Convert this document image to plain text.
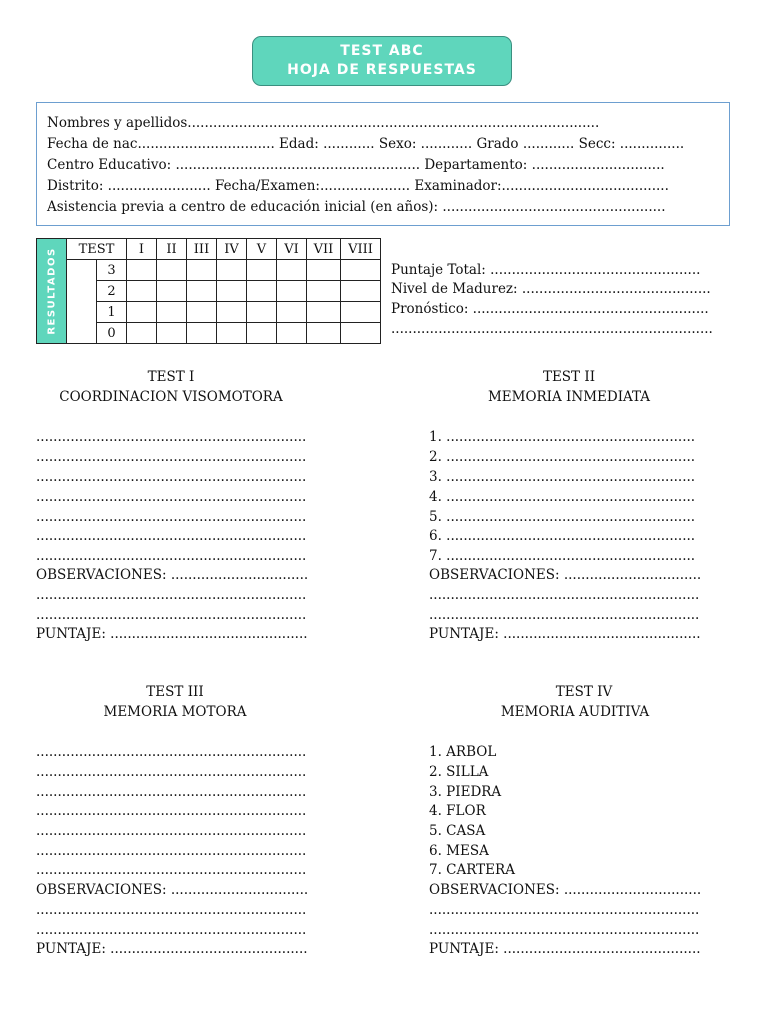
TEST ABC
HOJA DE RESPUESTAS
Nombres y apellidos................................................................................................
Fecha de nac................................ Edad: ............ Sexo: ............ Grado ............ Secc: ...............
Centro Educativo: ......................................................... Departamento: ...............................
Distrito: ........................ Fecha/Examen:..................... Examinador:.......................................
Asistencia previa a centro de educación inicial (en años): ....................................................
RESULTADOS	TEST		I	II	III	IV	V	VI	VII	VIII
		3								
		2								
		1								
		0								
Puntaje Total: .................................................
Nivel de Madurez: ............................................
Pronóstico: .......................................................
...........................................................................
TEST I
COORDINACION VISOMOTORA
...............................................................
...............................................................
...............................................................
...............................................................
...............................................................
...............................................................
...............................................................
OBSERVACIONES: ................................
...............................................................
...............................................................
PUNTAJE: ..............................................
TEST II
MEMORIA INMEDIATA
1. ..........................................................
2. ..........................................................
3. ..........................................................
4. ..........................................................
5. ..........................................................
6. ..........................................................
7. ..........................................................
OBSERVACIONES: ................................
...............................................................
...............................................................
PUNTAJE: ..............................................
TEST III
MEMORIA MOTORA
...............................................................
...............................................................
...............................................................
...............................................................
...............................................................
...............................................................
...............................................................
OBSERVACIONES: ................................
...............................................................
...............................................................
PUNTAJE: ..............................................
TEST IV
MEMORIA AUDITIVA
1. ARBOL
2. SILLA
3. PIEDRA
4. FLOR
5. CASA
6. MESA
7. CARTERA
OBSERVACIONES: ................................
...............................................................
...............................................................
PUNTAJE: ..............................................
